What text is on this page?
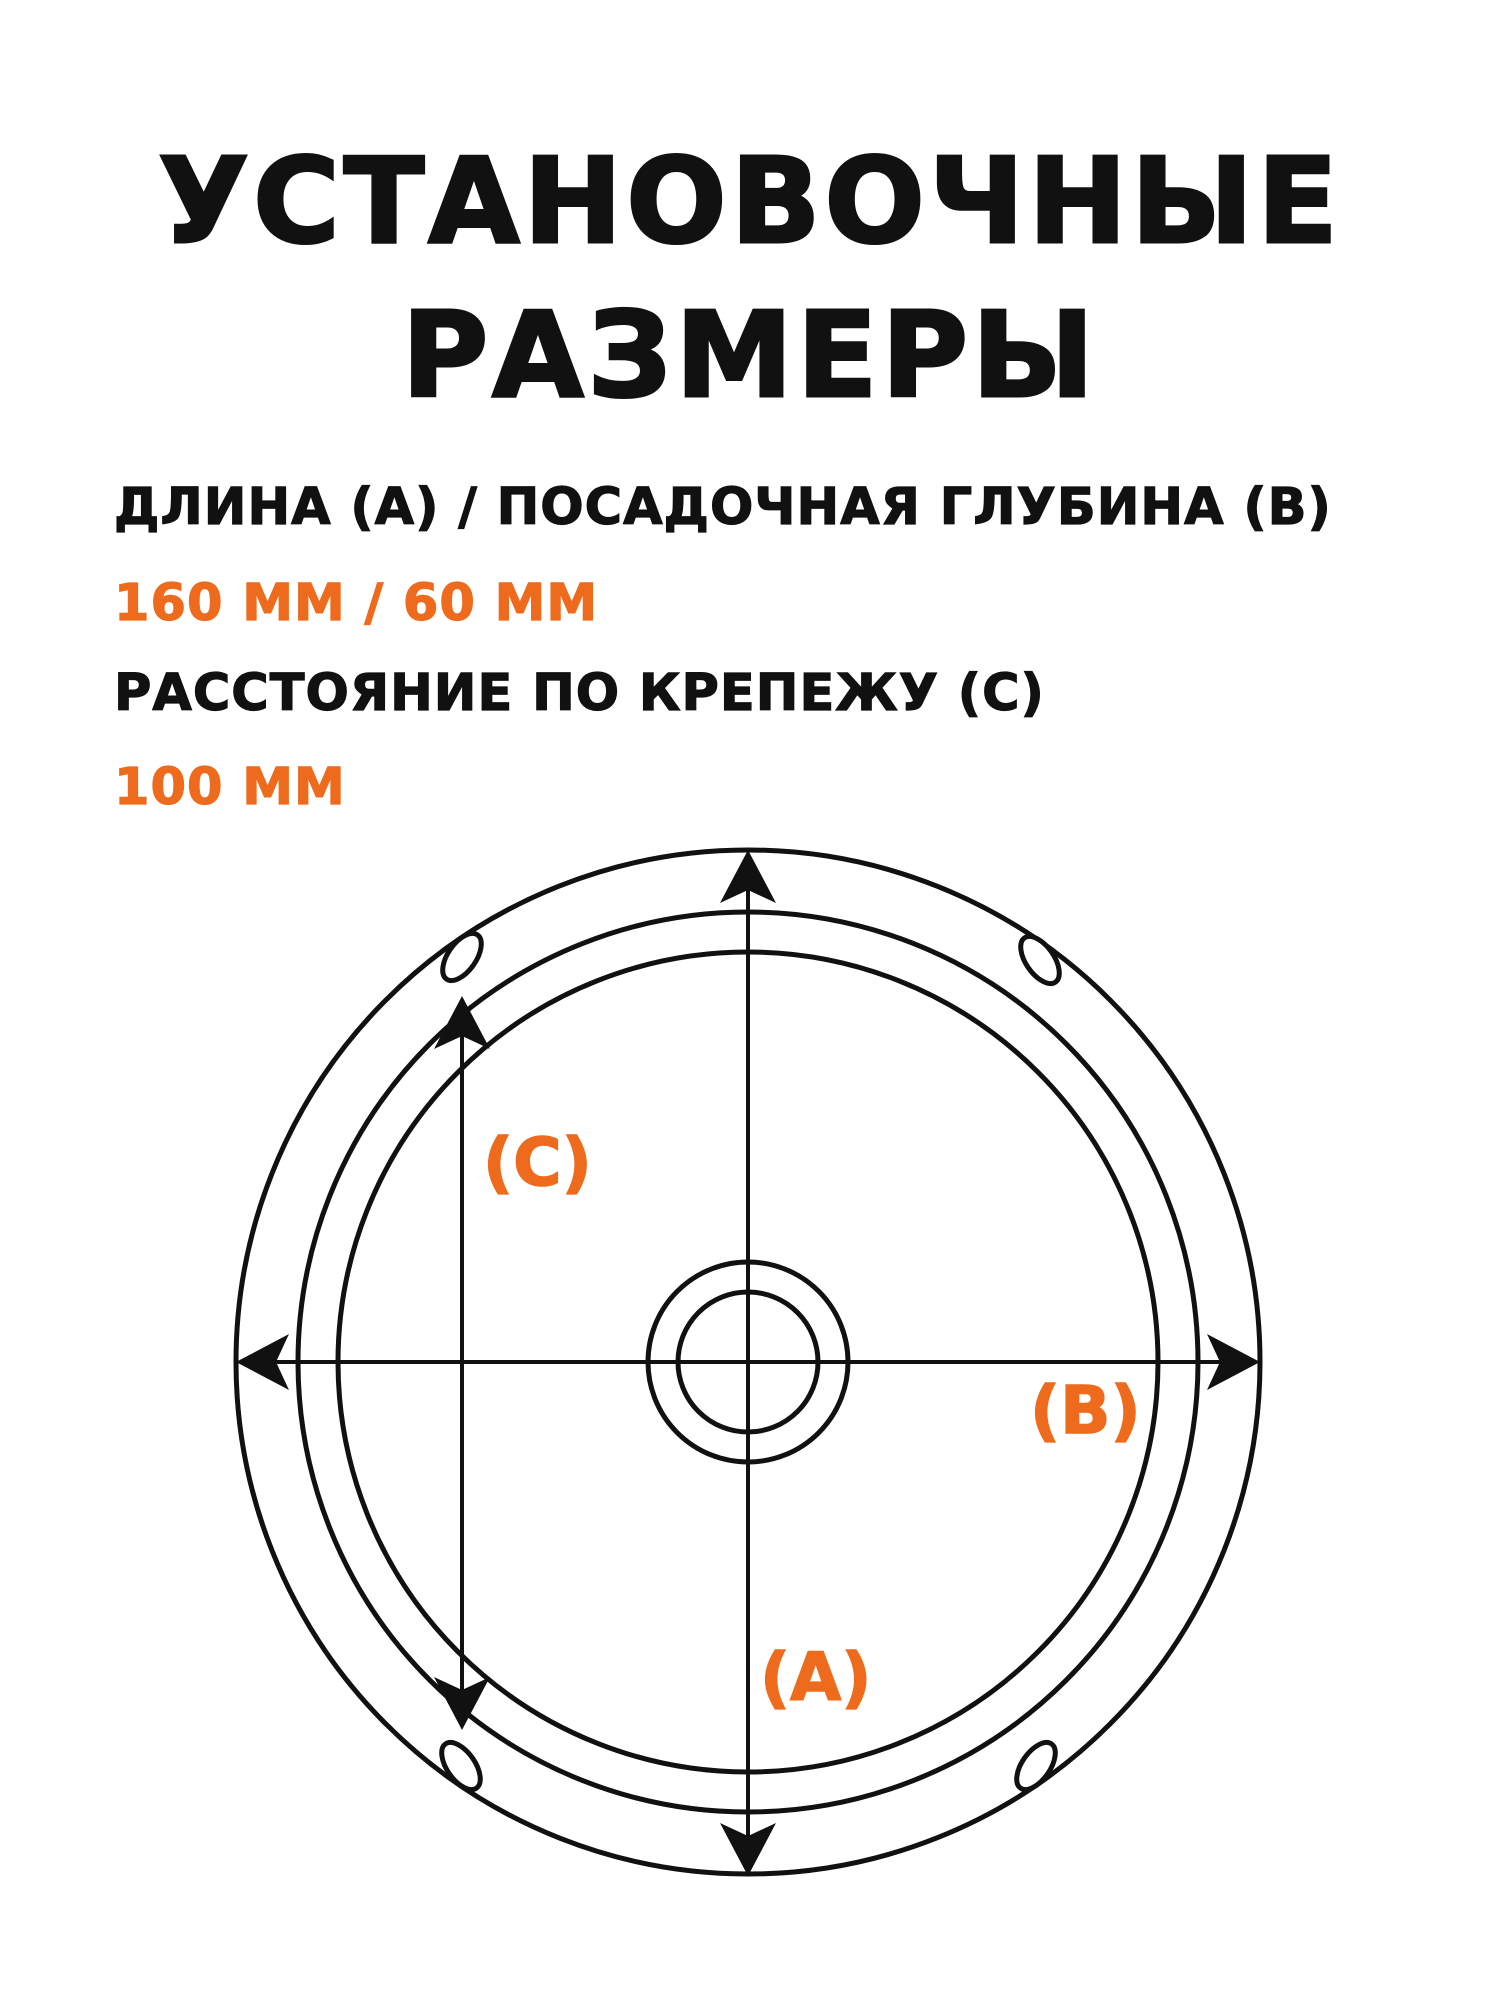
УСТАНОВОЧНЫЕ
РАЗМЕРЫ
ДЛИНА (А) / ПОСАДОЧНАЯ ГЛУБИНА (В)
160 ММ / 60 ММ
РАССТОЯНИЕ ПО КРЕПЕЖУ (С)
100 ММ
(A)
(B)
(C)
